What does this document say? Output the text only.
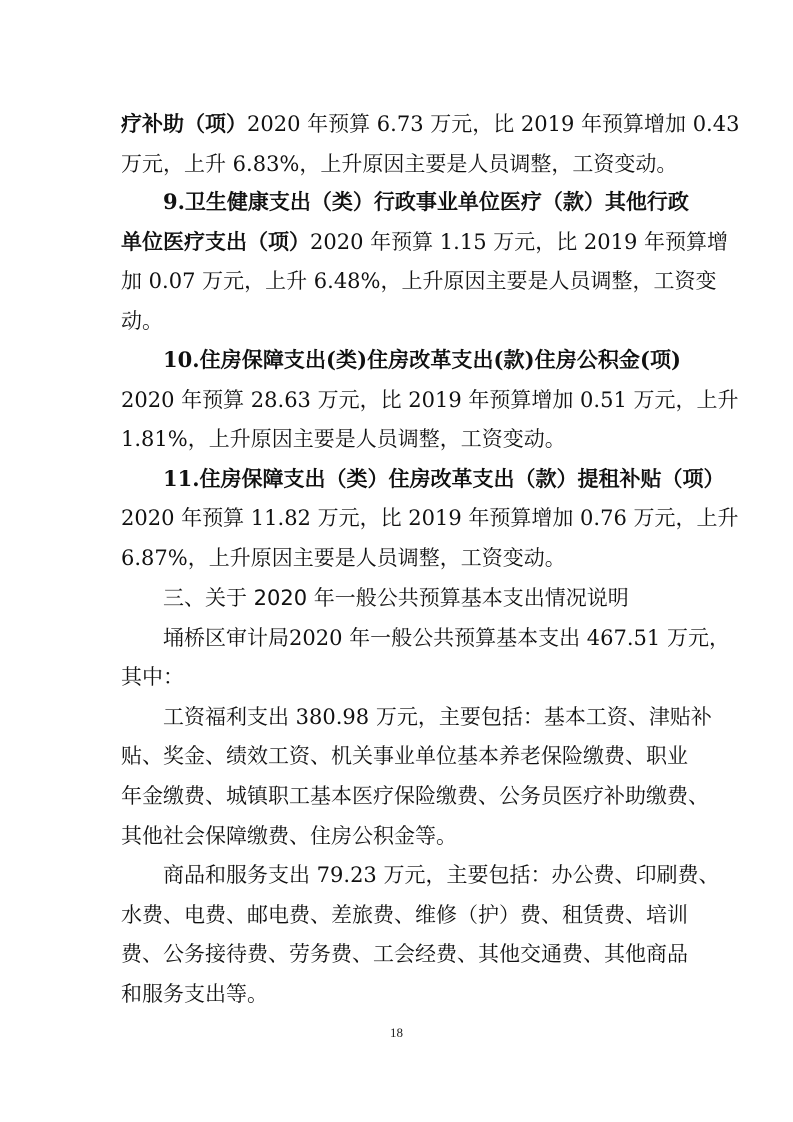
疗补助（项）2020 年预算 6.73 万元，比 2019 年预算增加 0.43
万元，上升 6.83%，上升原因主要是人员调整，工资变动。
9.卫生健康支出（类）行政事业单位医疗（款）其他行政
单位医疗支出（项）2020 年预算 1.15 万元，比 2019 年预算增
加 0.07 万元，上升 6.48%，上升原因主要是人员调整，工资变
动。
10.住房保障支出(类)住房改革支出(款)住房公积金(项)
2020 年预算 28.63 万元，比 2019 年预算增加 0.51 万元，上升
1.81%，上升原因主要是人员调整，工资变动。
11.住房保障支出（类）住房改革支出（款）提租补贴（项）
2020 年预算 11.82 万元，比 2019 年预算增加 0.76 万元，上升
6.87%，上升原因主要是人员调整，工资变动。
三、关于 2020 年一般公共预算基本支出情况说明
埇桥区审计局2020 年一般公共预算基本支出 467.51 万元，
其中：
工资福利支出 380.98 万元，主要包括：基本工资、津贴补
贴、奖金、绩效工资、机关事业单位基本养老保险缴费、职业
年金缴费、城镇职工基本医疗保险缴费、公务员医疗补助缴费、
其他社会保障缴费、住房公积金等。
商品和服务支出 79.23 万元，主要包括：办公费、印刷费、
水费、电费、邮电费、差旅费、维修（护）费、租赁费、培训
费、公务接待费、劳务费、工会经费、其他交通费、其他商品
和服务支出等。
18
